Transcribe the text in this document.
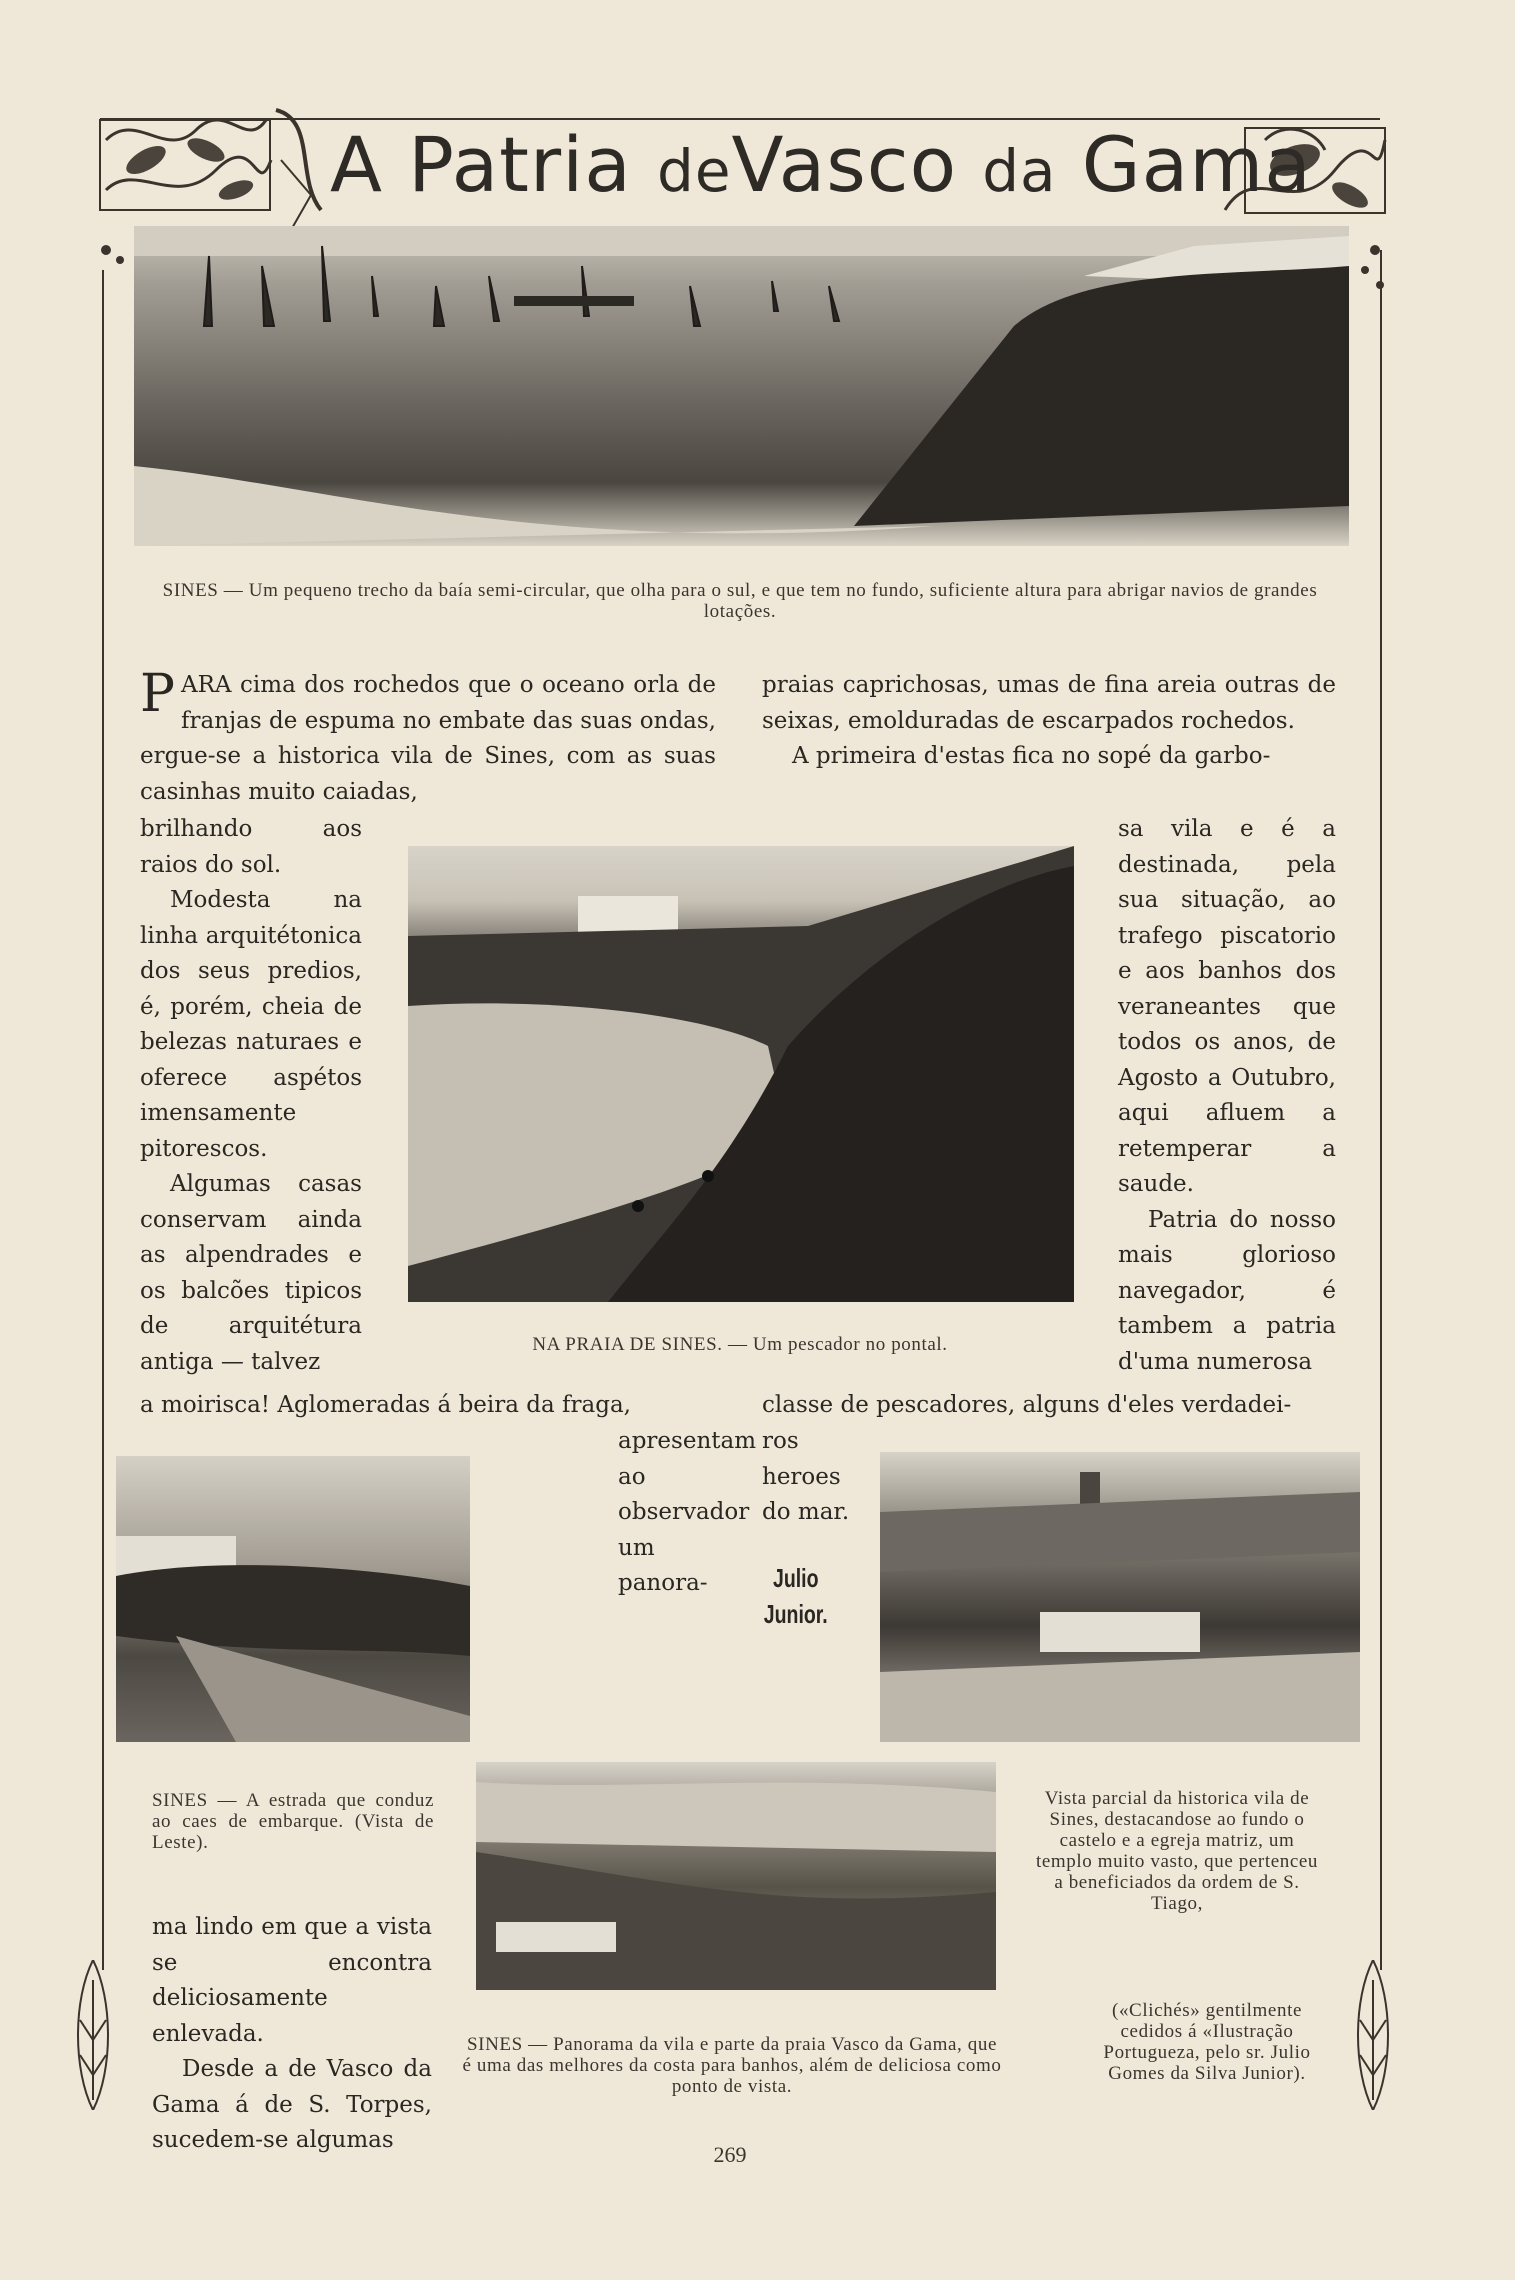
A Patria deVasco da Gama

SINES — Um pequeno trecho da baía semi-circular, que olha para o sul, e que tem no fundo, suficiente altura para abrigar navios de grandes lotações.

PARA cima dos rochedos que o oceano orla de franjas de espuma no embate das suas ondas, ergue-se a historica vila de Sines, com as suas casinhas muito caiadas,

brilhando aos raios do sol.

Modesta na linha arquitétonica dos seus predios, é, porém, cheia de belezas naturaes e oferece aspétos imensamente pitorescos.

Algumas casas conservam ainda as alpendrades e os balcões tipicos de arquitétura antiga — talvez

a moirisca! Aglomeradas á beira da fraga,

apresentam ao observador um panora-

praias caprichosas, umas de fina areia outras de seixas, emolduradas de escarpados rochedos.

A primeira d'estas fica no sopé da garbo-

sa vila e é a destinada, pela sua situação, ao trafego piscatorio e aos banhos dos veraneantes que todos os anos, de Agosto a Outubro, aqui afluem a retemperar a saude.

Patria do nosso mais glorioso navegador, é tambem a patria d'uma numerosa

classe de pescadores, alguns d'eles verdadei-

ros heroes do mar.

Julio
Junior.

NA PRAIA DE SINES. — Um pescador no pontal.

SINES — A estrada que conduz ao caes de embarque. (Vista de Leste).

ma lindo em que a vista se encontra deliciosamente enlevada.

Desde a de Vasco da Gama á de S. Torpes, sucedem-se algumas

Vista parcial da historica vila de Sines, destacandose ao fundo o castelo e a egreja matriz, um templo muito vasto, que pertenceu a beneficiados da ordem de S. Tiago,

(«Clichés» gentilmente cedidos á «Ilustração Portugueza, pelo sr. Julio Gomes da Silva Junior).

SINES — Panorama da vila e parte da praia Vasco da Gama, que é uma das melhores da costa para banhos, além de deliciosa como ponto de vista.

269
